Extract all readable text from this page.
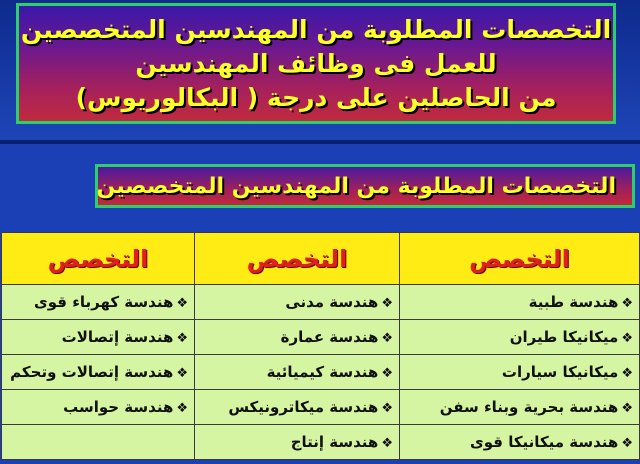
التخصصات المطلوبة من المهندسين المتخصصين
للعمل فى وظائف المهندسين
من الحاصلين على درجة ( البكالوريوس)
التخصصات المطلوبة من المهندسين المتخصصين
التخصص	التخصص	التخصص
❖هندسة طبية	❖هندسة مدنى	❖هندسة كهرباء قوى
❖ميكانيكا طيران	❖هندسة عمارة	❖هندسة إتصالات
❖ميكانيكا سيارات	❖هندسة كيميائية	❖هندسة إتصالات وتحكم
❖هندسة بحرية وبناء سفن	❖هندسة ميكاترونيكس	❖هندسة حواسب
❖هندسة ميكانيكا قوى	❖هندسة إنتاج	
